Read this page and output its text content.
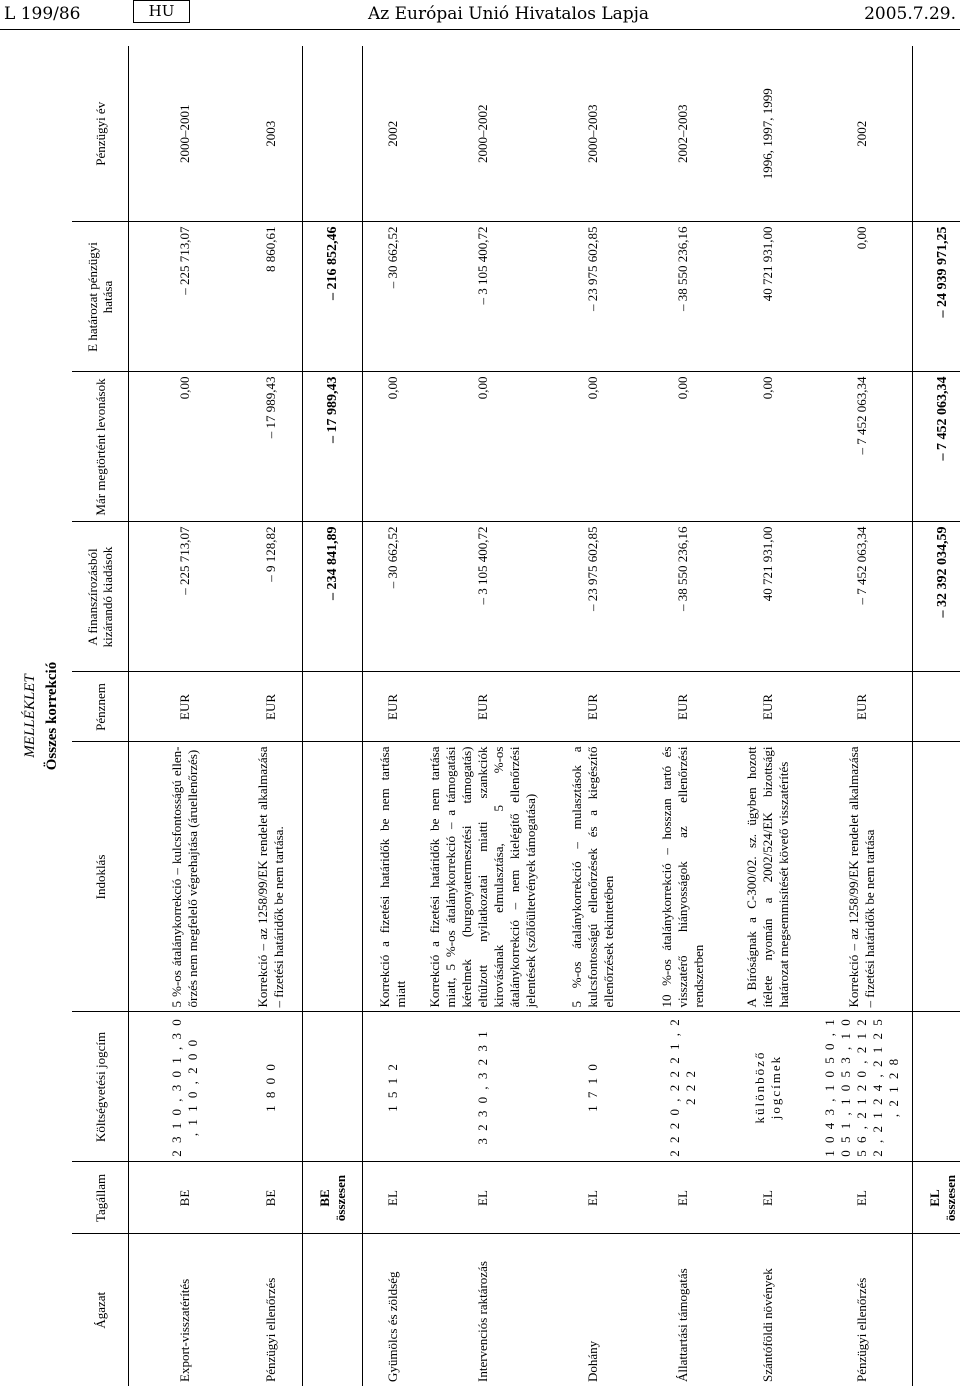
L 199/86	HU	Az Európai Unió Hivatalos Lapja	2005.7.29.
MELLÉKLET Összes korrekció
Ágazat	Tagállam	Költségvetési jogcím	Indoklás	Pénznem	A finanszírozásból kizárandó kiadások	Már megtörtént levonások	E határozat pénzügyi hatása	Pénzügyi év
Export-visszatérítés	BE	2 3 1 0 , 3 0 1 , 3 0 , 1 1 0 , 2 0 0	5 %-os átalánykorrekció – kulcsfontosságú ellenőrzés nem megfelelő végrehajtása (áruellenőrzés)	EUR	– 225 713,07	0,00	– 225 713,07	2000–2001
Pénzügyi ellenőrzés	BE	1 8 0 0	Korrekció – az 1258/99/EK rendelet alkalmazása – fizetési határidők be nem tartása.	EUR	– 9 128,82	– 17 989,43	8 860,61	2003
	BE összesen				– 234 841,89	– 17 989,43	– 216 852,46	
Gyümölcs és zöldség	EL	1 5 1 2	Korrekció a fizetési határidők be nem tartása miatt	EUR	– 30 662,52	0,00	– 30 662,52	2002
Intervenciós raktározás	EL	3 2 3 0 , 3 2 3 1	Korrekció a fizetési határidők be nem tartása miatt, 5 %-os átalánykorrekció – a támogatási kérelmek (burgonyatermesztési támogatás) eltúlzott nyilatkozatai miatti szankciók kirovásának elmulasztása, 5 %-os átalánykorrekció – nem kielégítő ellenőrzési jelentések (szőlőültetvények támogatása)	EUR	– 3 105 400,72	0,00	– 3 105 400,72	2000–2002
Dohány	EL	1 7 1 0	5 %-os átalánykorrekció – mulasztások a kulcsfontosságú ellenőrzések és a kiegészítő ellenőrzések tekintetében	EUR	– 23 975 602,85	0,00	– 23 975 602,85	2000–2003
Állattartási támogatás	EL	2 2 2 0 , 2 2 2 1 , 2 2 2 2	10 %-os átalánykorrekció – hosszan tartó és visszatérő hiányosságok az ellenőrzési rendszerben	EUR	– 38 550 236,16	0,00	– 38 550 236,16	2002–2003
Szántóföldi növények	EL	különböző jogcímek	A Bíróságnak a C-300/02. sz. ügyben hozott ítélete nyomán a 2002/524/EK bizottsági határozat megsemmisítését követő visszatérítés	EUR	40 721 931,00	0,00	40 721 931,00	1996, 1997, 1999
Pénzügyi ellenőrzés	EL	1 0 4 3 , 1 0 5 0 , 1 0 5 1 , 1 0 5 3 , 1 0 5 6 , 2 1 2 0 , 2 1 2 2 , 2 1 2 4 , 2 1 2 5 , 2 1 2 8	Korrekció – az 1258/99/EK rendelet alkalmazása – fizetési határidők be nem tartása	EUR	– 7 452 063,34	– 7 452 063,34	0,00	2002
	EL összesen				– 32 392 034,59	– 7 452 063,34	– 24 939 971,25	
